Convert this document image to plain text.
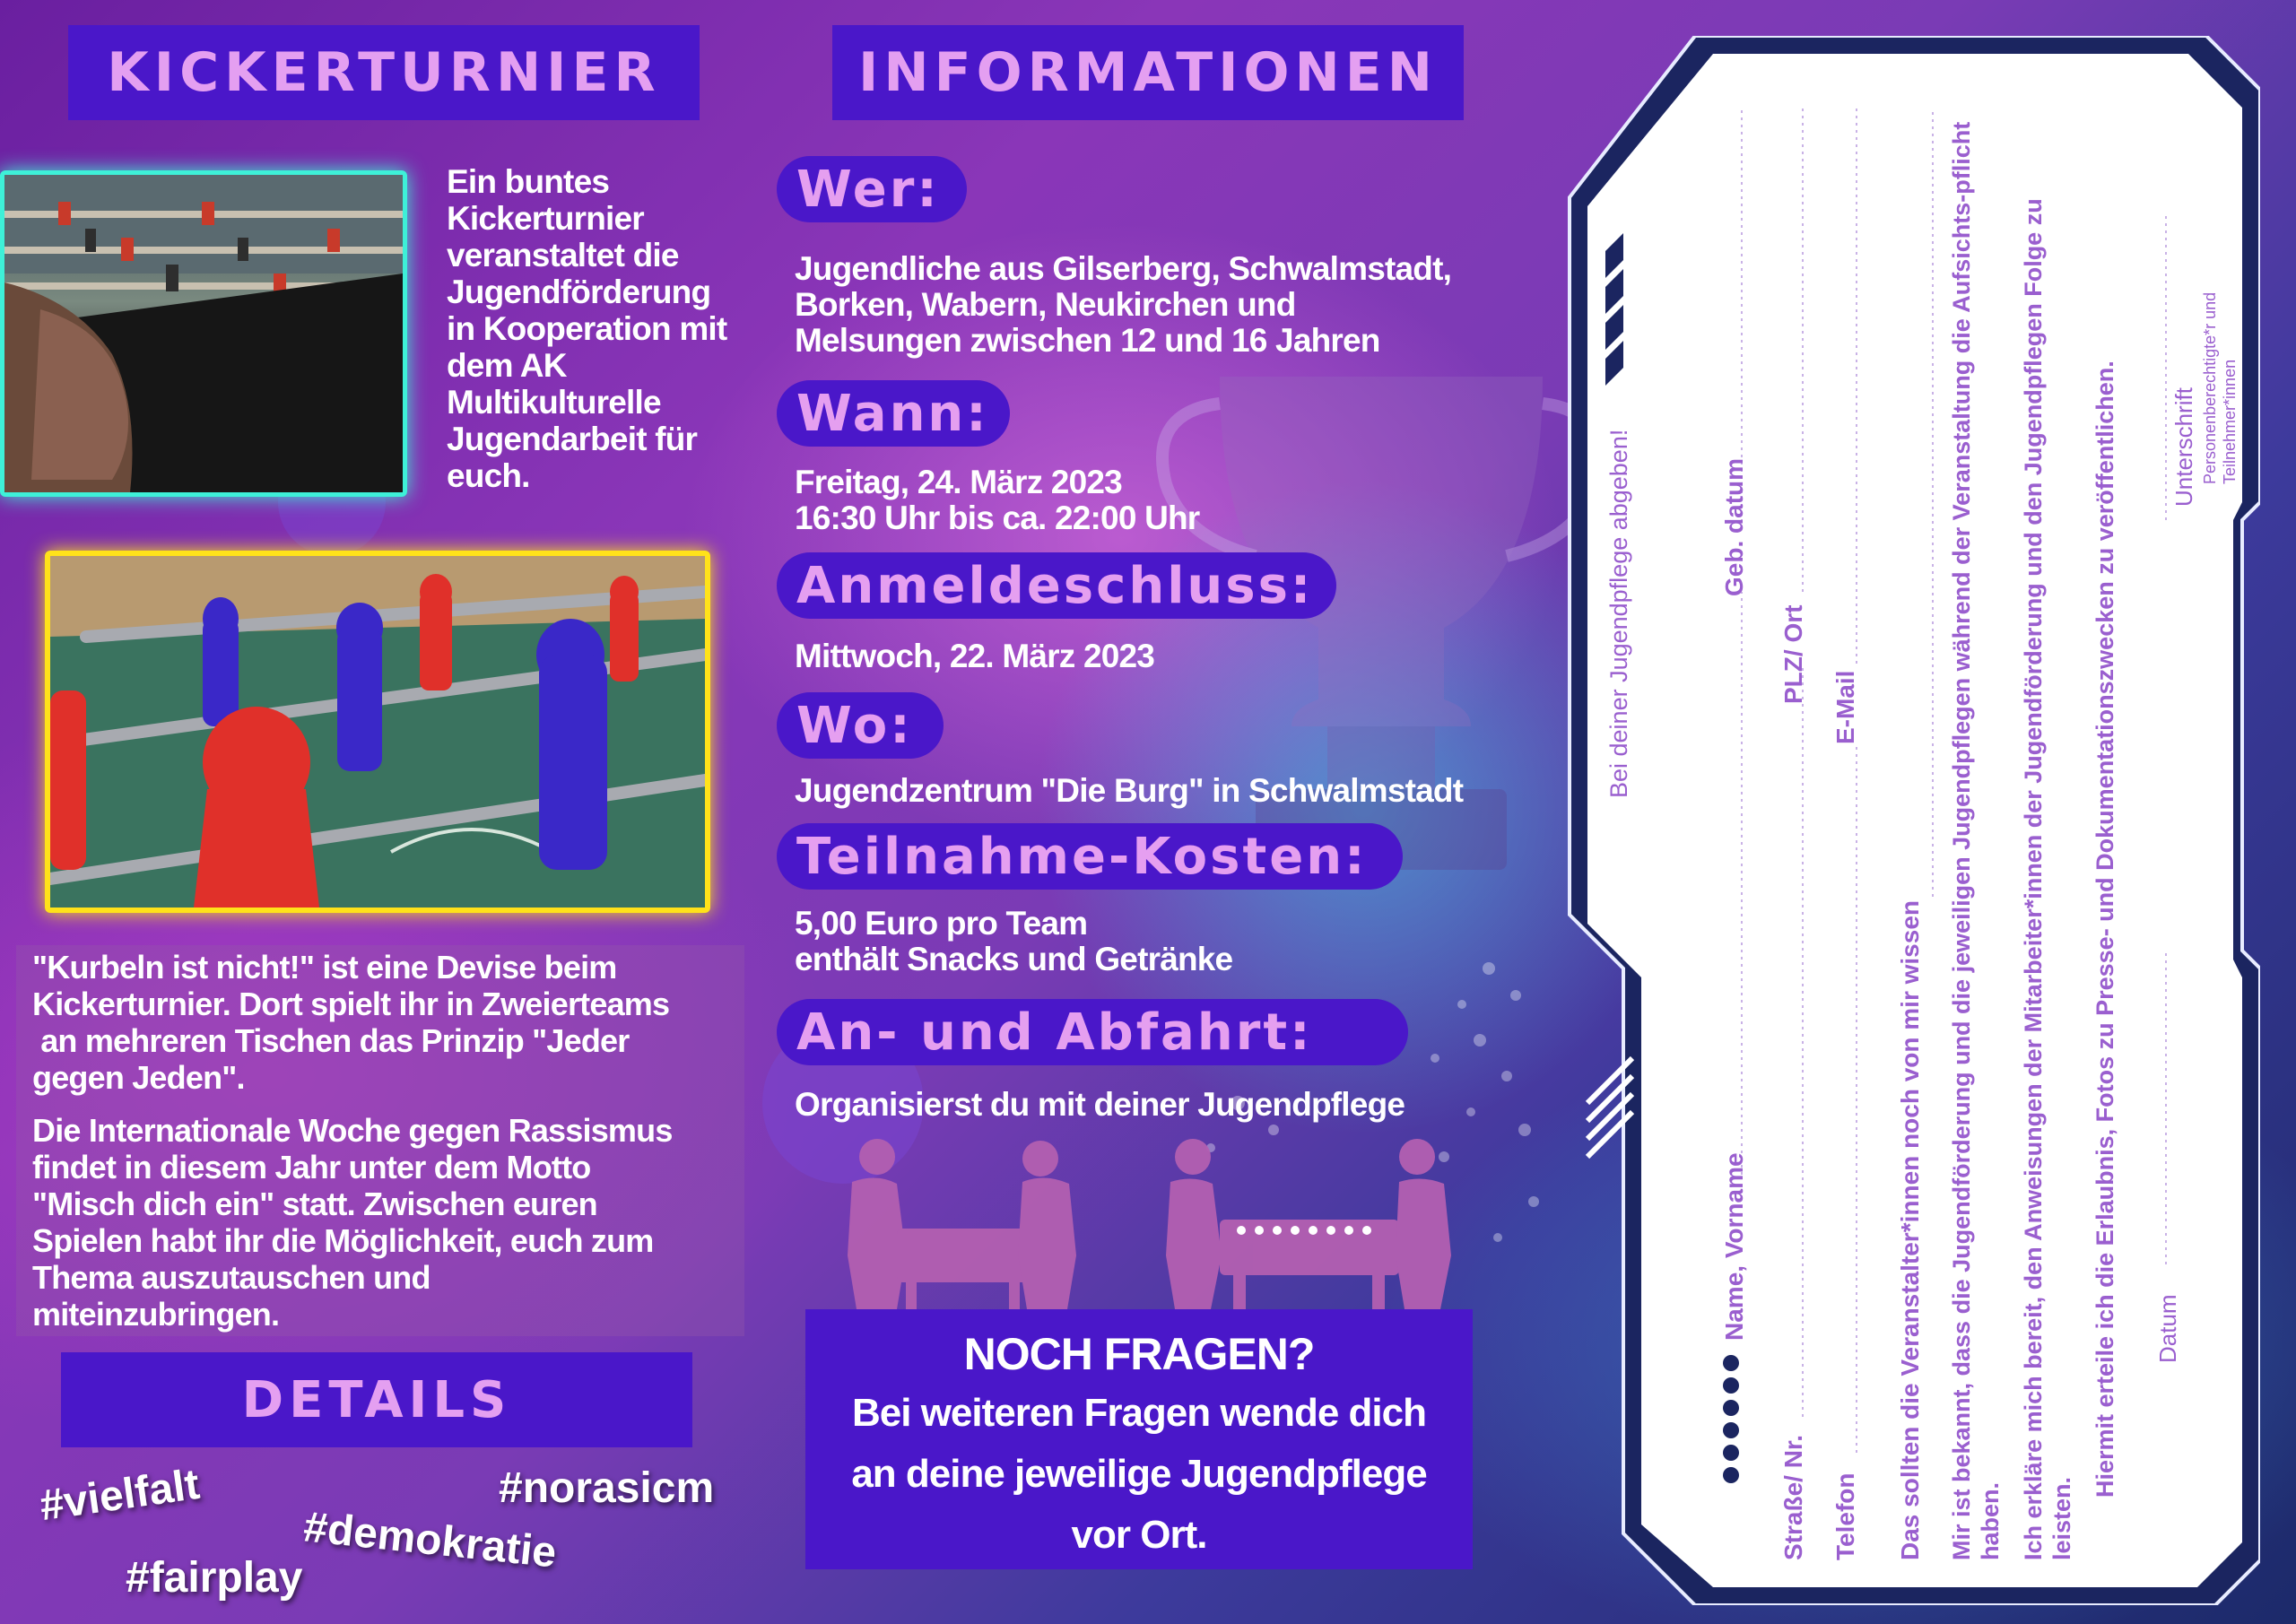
KICKERTURNIER
Ein buntes
Kickerturnier
veranstaltet die
Jugendförderung
in Kooperation mit
dem AK
Multikulturelle
Jugendarbeit für
euch.
"Kurbeln ist nicht!" ist eine Devise beim
Kickerturnier. Dort spielt ihr in Zweierteams
an mehreren Tischen das Prinzip "Jeder
gegen Jeden".
Die Internationale Woche gegen Rassismus
findet in diesem Jahr unter dem Motto
"Misch dich ein" statt. Zwischen euren
Spielen habt ihr die Möglichkeit, euch zum
Thema auszutauschen und
miteinzubringen.
DETAILS
#vielfalt	#norasicm
#demokratie
#fairplay
INFORMATIONEN
Wer:
Jugendliche aus Gilserberg, Schwalmstadt,
Borken, Wabern, Neukirchen und
Melsungen zwischen 12 und 16 Jahren
Wann:
Freitag, 24. März 2023
16:30 Uhr bis ca. 22:00 Uhr
Anmeldeschluss:
Mittwoch, 22. März 2023
Wo:
Jugendzentrum "Die Burg" in Schwalmstadt
Teilnahme-Kosten:
5,00 Euro pro Team
enthält Snacks und Getränke
An- und Abfahrt:
Organisierst du mit deiner Jugendpflege
NOCH FRAGEN?
Bei weiteren Fragen wende dich
an deine jeweilige Jugendpflege
vor Ort.
Bei deiner Jugendpflege abgeben!
Name, Vorname
Geb. datum
Straße/ Nr.
PLZ/ Ort
Telefon
E-Mail
Das sollten die Veranstalter*innen noch von mir wissen Mir ist bekannt, dass die Jugendförderung und die jeweiligen Jugendpflegen während der Veranstaltung die Aufsichts-pflicht haben. Ich erkläre mich bereit, den Anweisungen der Mitarbeiter*innen der Jugendförderung und den Jugendpflegen Folge zu leisten.
Hiermit erteile ich die Erlaubnis, Fotos zu Presse- und Dokumentationszwecken zu veröffentlichen. Datum
Unterschrift Personenberechtigte*r und Teilnehmer*innen
